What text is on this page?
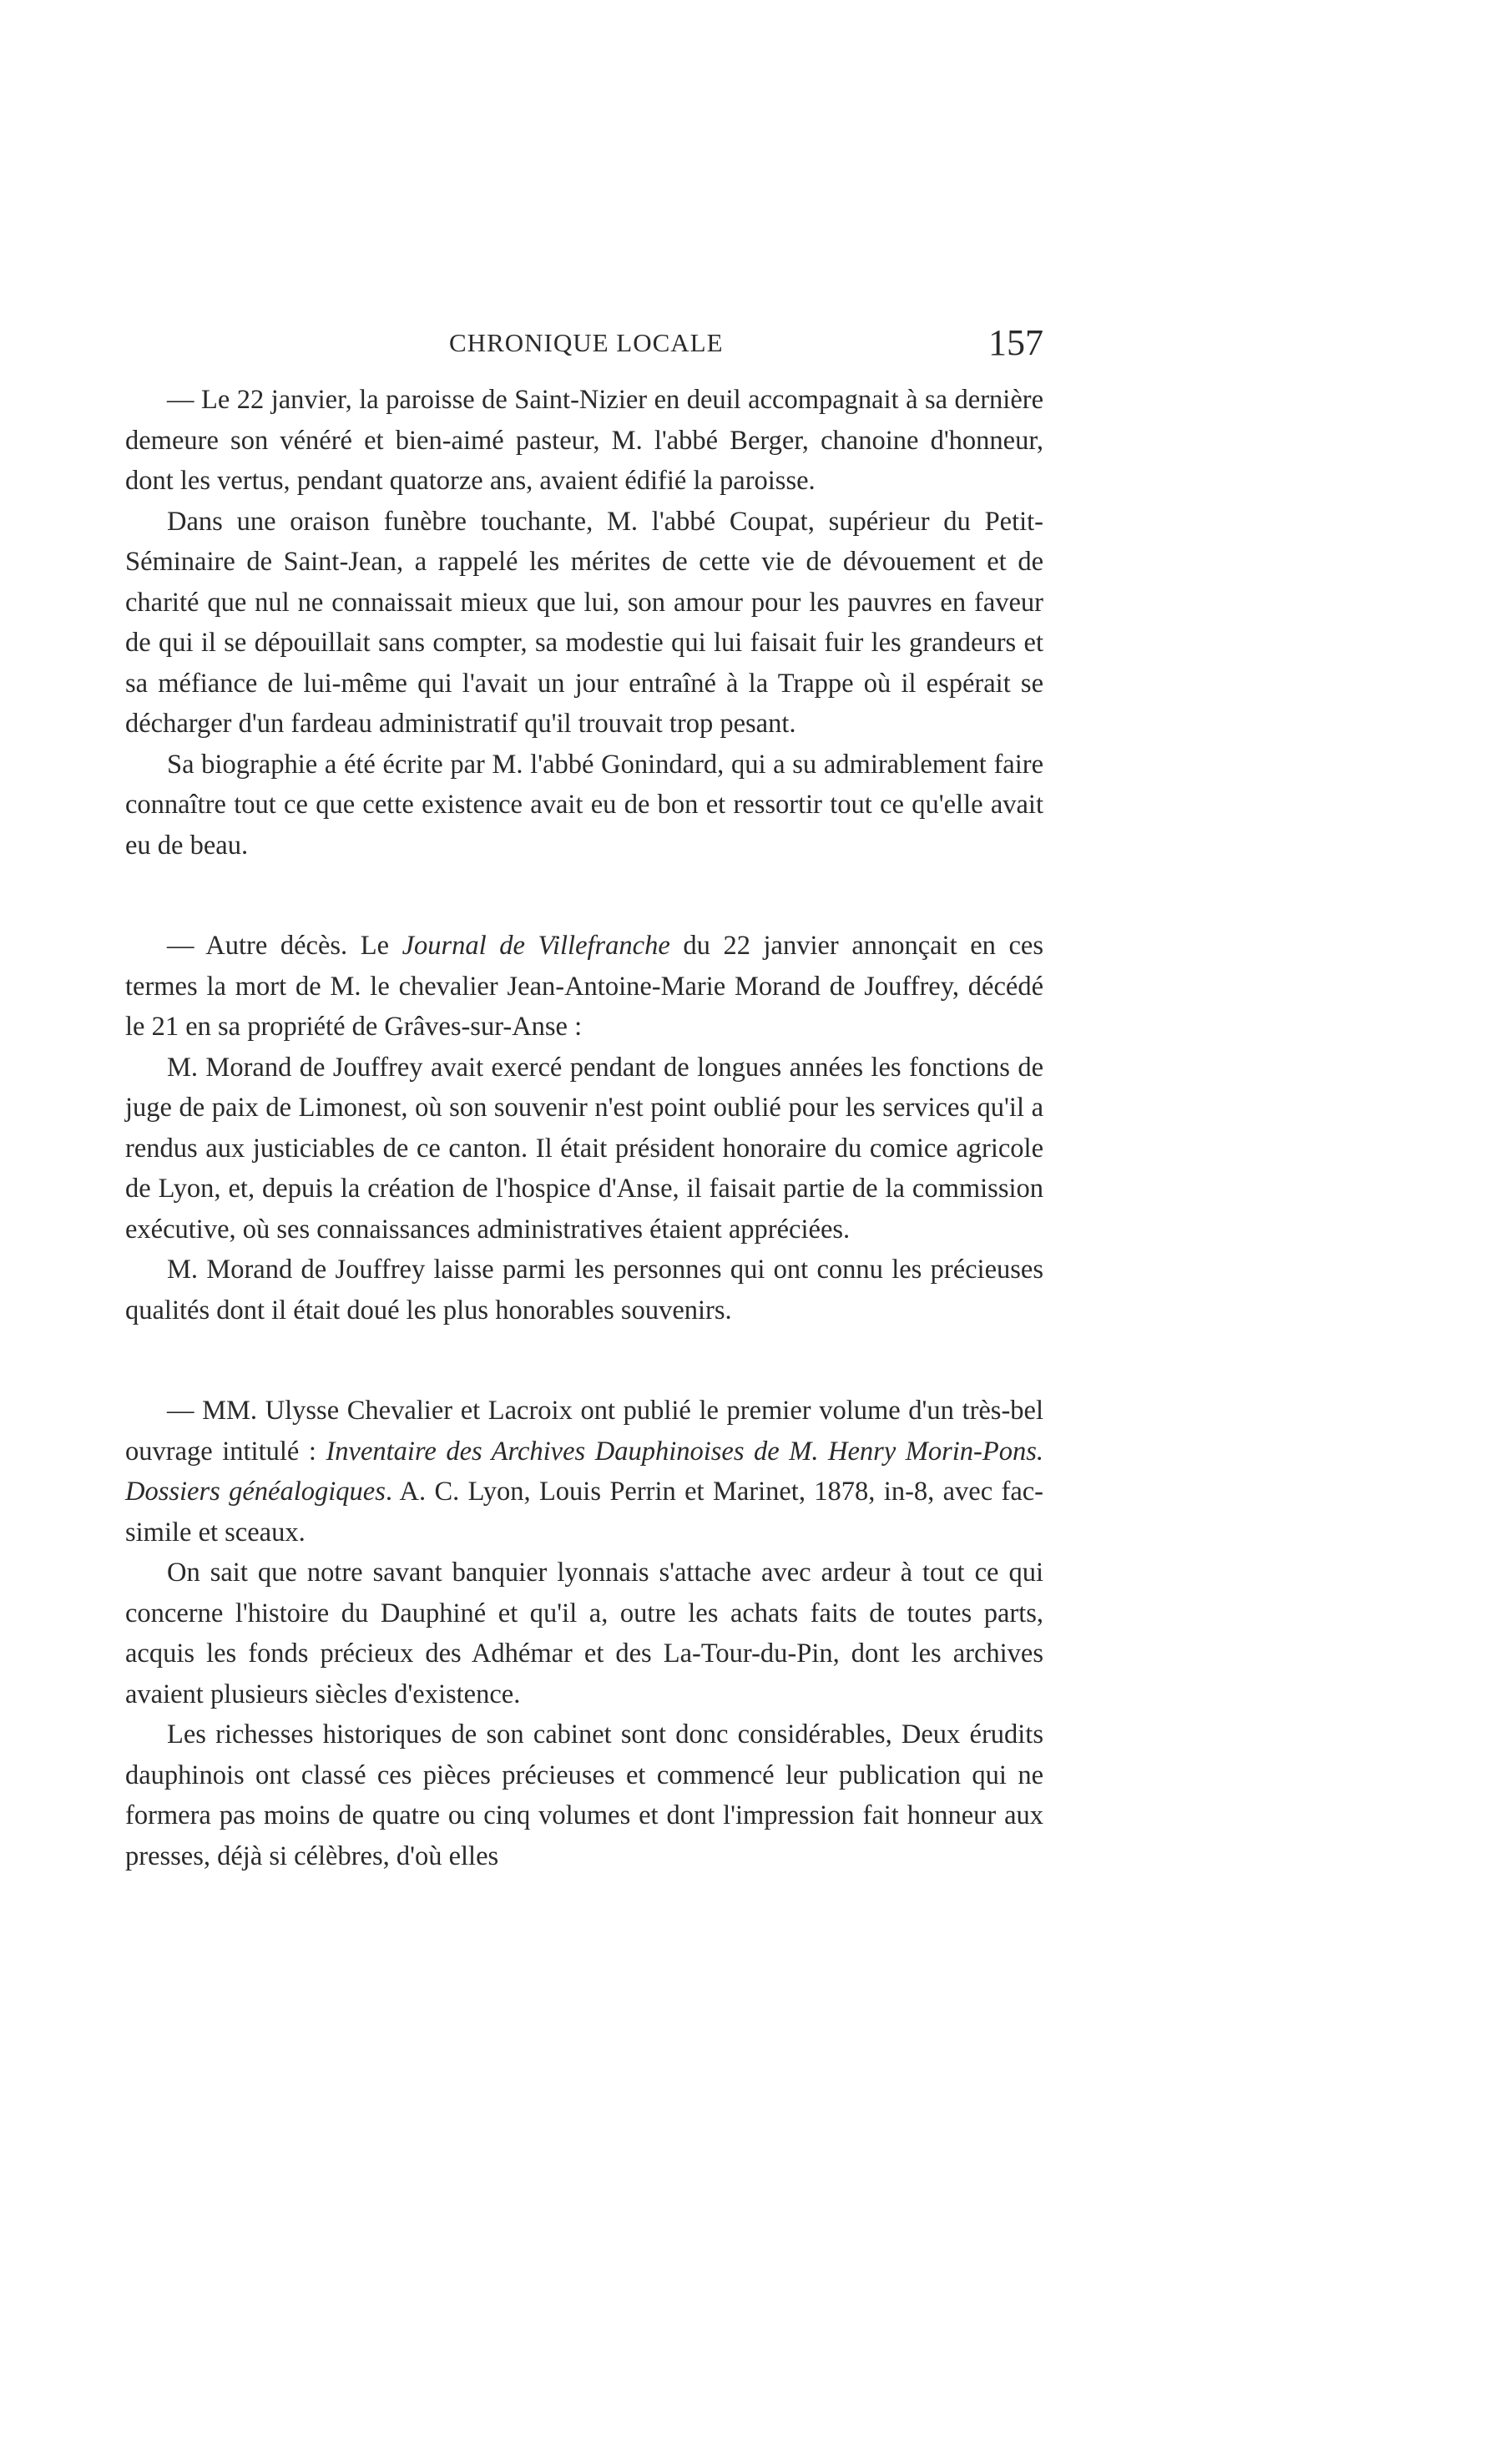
CHRONIQUE LOCALE	157

— Le 22 janvier, la paroisse de Saint-Nizier en deuil accompagnait à sa dernière demeure son vénéré et bien-aimé pasteur, M. l'abbé Berger, chanoine d'honneur, dont les vertus, pendant quatorze ans, avaient édifié la paroisse.

Dans une oraison funèbre touchante, M. l'abbé Coupat, supérieur du Petit-Séminaire de Saint-Jean, a rappelé les mérites de cette vie de dévouement et de charité que nul ne connaissait mieux que lui, son amour pour les pauvres en faveur de qui il se dépouillait sans compter, sa modestie qui lui faisait fuir les grandeurs et sa méfiance de lui-même qui l'avait un jour entraîné à la Trappe où il espérait se décharger d'un fardeau administratif qu'il trouvait trop pesant.

Sa biographie a été écrite par M. l'abbé Gonindard, qui a su admirablement faire connaître tout ce que cette existence avait eu de bon et ressortir tout ce qu'elle avait eu de beau.

— Autre décès. Le Journal de Villefranche du 22 janvier annonçait en ces termes la mort de M. le chevalier Jean-Antoine-Marie Morand de Jouffrey, décédé le 21 en sa propriété de Grâves-sur-Anse :

M. Morand de Jouffrey avait exercé pendant de longues années les fonctions de juge de paix de Limonest, où son souvenir n'est point oublié pour les services qu'il a rendus aux justiciables de ce canton. Il était président honoraire du comice agricole de Lyon, et, depuis la création de l'hospice d'Anse, il faisait partie de la commission exécutive, où ses connaissances administratives étaient appréciées.

M. Morand de Jouffrey laisse parmi les personnes qui ont connu les précieuses qualités dont il était doué les plus honorables souvenirs.

— MM. Ulysse Chevalier et Lacroix ont publié le premier volume d'un très-bel ouvrage intitulé : Inventaire des Archives Dauphinoises de M. Henry Morin-Pons. Dossiers généalogiques. A. C. Lyon, Louis Perrin et Marinet, 1878, in-8, avec fac-simile et sceaux.

On sait que notre savant banquier lyonnais s'attache avec ardeur à tout ce qui concerne l'histoire du Dauphiné et qu'il a, outre les achats faits de toutes parts, acquis les fonds précieux des Adhémar et des La-Tour-du-Pin, dont les archives avaient plusieurs siècles d'existence.

Les richesses historiques de son cabinet sont donc considérables, Deux érudits dauphinois ont classé ces pièces précieuses et commencé leur publication qui ne formera pas moins de quatre ou cinq volumes et dont l'impression fait honneur aux presses, déjà si célèbres, d'où elles
